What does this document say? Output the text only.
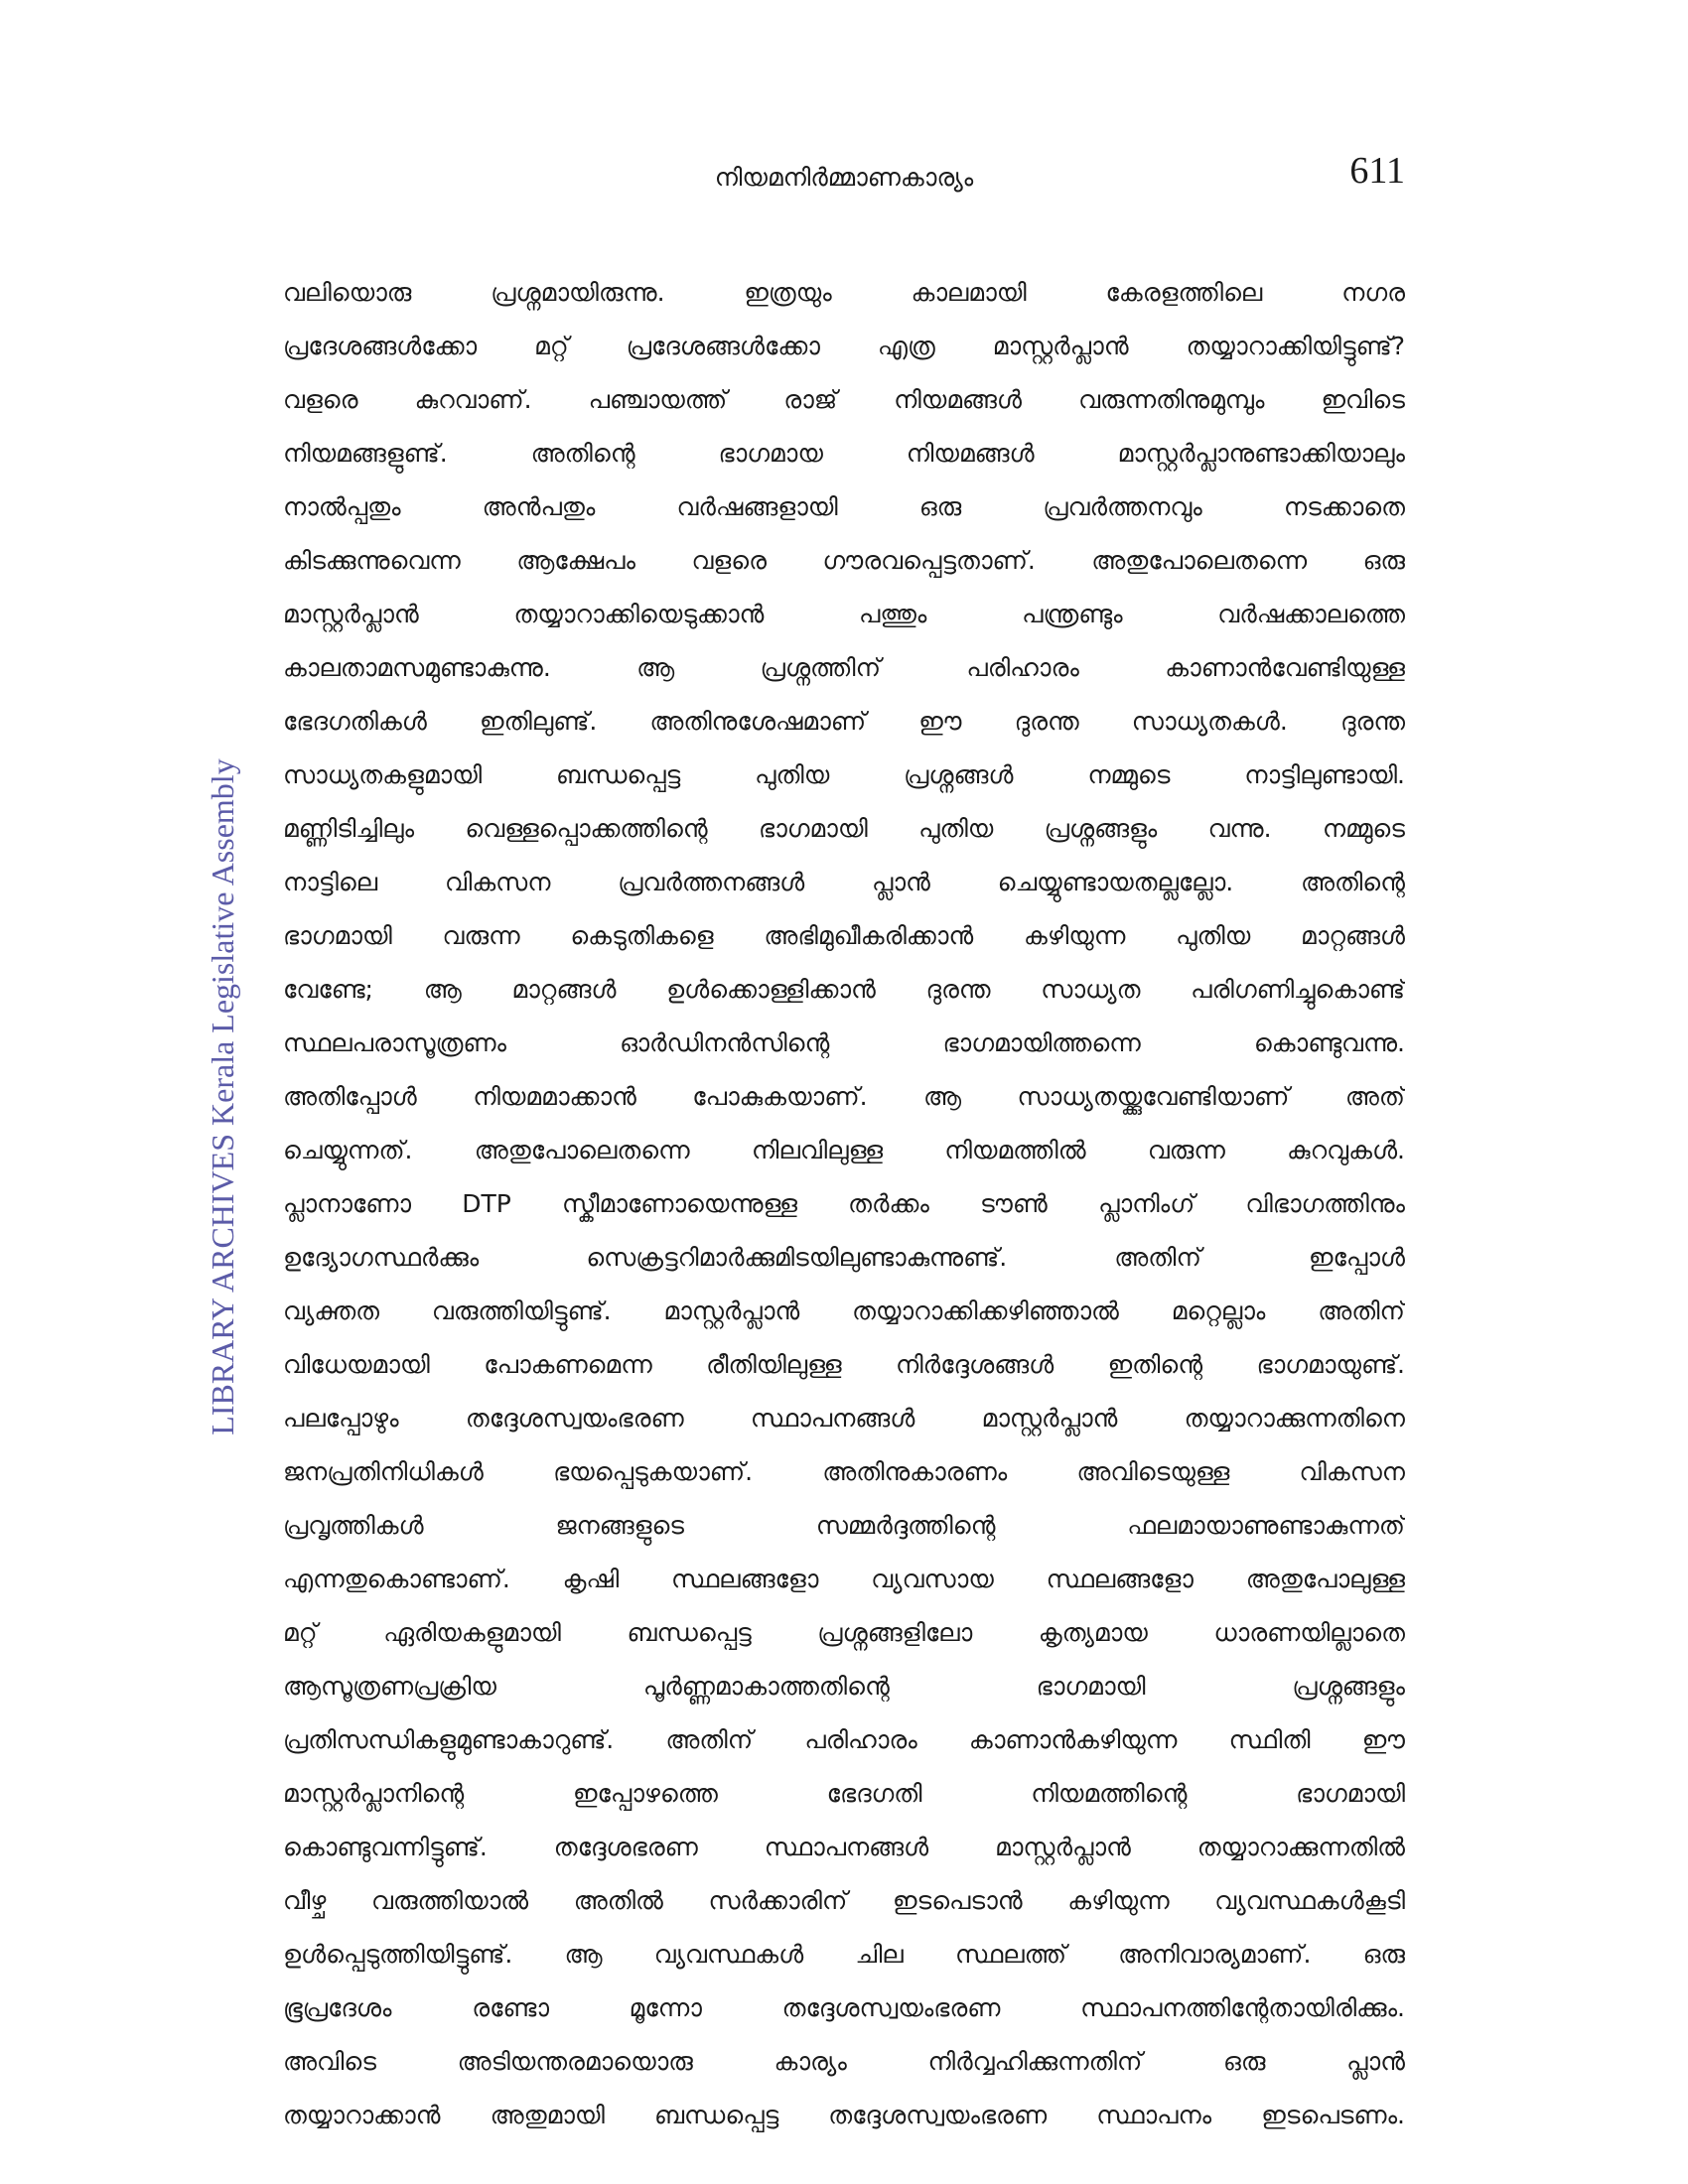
നിയമനിർമ്മാണകാര്യം	611
LIBRARY ARCHIVES Kerala Legislative Assembly
വലിയൊരു പ്രശ്നമായിരുന്നു. ഇത്രയും കാലമായി കേരളത്തിലെ നഗര
പ്രദേശങ്ങൾക്കോ മറ്റ് പ്രദേശങ്ങൾക്കോ എത്ര മാസ്റ്റർപ്ലാൻ തയ്യാറാക്കിയിട്ടുണ്ട്?
വളരെ കുറവാണ്. പഞ്ചായത്ത് രാജ് നിയമങ്ങൾ വരുന്നതിനുമുമ്പും ഇവിടെ
നിയമങ്ങളുണ്ട്. അതിന്റെ ഭാഗമായ നിയമങ്ങൾ മാസ്റ്റർപ്ലാനുണ്ടാക്കിയാലും
നാൽപ്പതും അൻപതും വർഷങ്ങളായി ഒരു പ്രവർത്തനവും നടക്കാതെ
കിടക്കുന്നുവെന്ന ആക്ഷേപം വളരെ ഗൗരവപ്പെട്ടതാണ്. അതുപോലെതന്നെ ഒരു
മാസ്റ്റർപ്ലാൻ തയ്യാറാക്കിയെടുക്കാൻ പത്തും പന്ത്രണ്ടും വർഷക്കാലത്തെ
കാലതാമസമുണ്ടാകുന്നു. ആ പ്രശ്നത്തിന് പരിഹാരം കാണാൻവേണ്ടിയുള്ള
ഭേദഗതികൾ ഇതിലുണ്ട്. അതിനുശേഷമാണ് ഈ ദുരന്ത സാധ്യതകൾ. ദുരന്ത
സാധ്യതകളുമായി ബന്ധപ്പെട്ട പുതിയ പ്രശ്നങ്ങൾ നമ്മുടെ നാട്ടിലുണ്ടായി.
മണ്ണിടിച്ചിലും വെള്ളപ്പൊക്കത്തിന്റെ ഭാഗമായി പുതിയ പ്രശ്നങ്ങളും വന്നു. നമ്മുടെ
നാട്ടിലെ വികസന പ്രവർത്തനങ്ങൾ പ്ലാൻ ചെയ്യുണ്ടായതല്ലല്ലോ. അതിന്റെ
ഭാഗമായി വരുന്ന കെടുതികളെ അഭിമുഖീകരിക്കാൻ കഴിയുന്ന പുതിയ മാറ്റങ്ങൾ
വേണ്ടേ; ആ മാറ്റങ്ങൾ ഉൾക്കൊള്ളിക്കാൻ ദുരന്ത സാധ്യത പരിഗണിച്ചുകൊണ്ട്
സ്ഥലപരാസൂത്രണം ഓർഡിനൻസിന്റെ ഭാഗമായിത്തന്നെ കൊണ്ടുവന്നു.
അതിപ്പോൾ നിയമമാക്കാൻ പോകുകയാണ്. ആ സാധ്യതയ്ക്കുവേണ്ടിയാണ് അത്
ചെയ്യുന്നത്. അതുപോലെതന്നെ നിലവിലുള്ള നിയമത്തിൽ വരുന്ന കുറവുകൾ.
പ്ലാനാണോ DTP സ്കീമാണോയെന്നുള്ള തർക്കം ടൗൺ പ്ലാനിംഗ് വിഭാഗത്തിനും
ഉദ്യോഗസ്ഥർക്കും സെക്രട്ടറിമാർക്കുമിടയിലുണ്ടാകുന്നുണ്ട്. അതിന് ഇപ്പോൾ
വ്യക്തത വരുത്തിയിട്ടുണ്ട്. മാസ്റ്റർപ്ലാൻ തയ്യാറാക്കിക്കഴിഞ്ഞാൽ മറ്റെല്ലാം അതിന്
വിധേയമായി പോകണമെന്ന രീതിയിലുള്ള നിർദ്ദേശങ്ങൾ ഇതിന്റെ ഭാഗമായുണ്ട്.
പലപ്പോഴും തദ്ദേശസ്വയംഭരണ സ്ഥാപനങ്ങൾ മാസ്റ്റർപ്ലാൻ തയ്യാറാക്കുന്നതിനെ
ജനപ്രതിനിധികൾ ഭയപ്പെടുകയാണ്. അതിനുകാരണം അവിടെയുള്ള വികസന
പ്രവൃത്തികൾ ജനങ്ങളുടെ സമ്മർദ്ദത്തിന്റെ ഫലമായാണുണ്ടാകുന്നത്
എന്നതുകൊണ്ടാണ്. കൃഷി സ്ഥലങ്ങളോ വ്യവസായ സ്ഥലങ്ങളോ അതുപോലുള്ള
മറ്റ് ഏരിയകളുമായി ബന്ധപ്പെട്ട പ്രശ്നങ്ങളിലോ കൃത്യമായ ധാരണയില്ലാതെ
ആസൂത്രണപ്രക്രിയ പൂർണ്ണമാകാത്തതിന്റെ ഭാഗമായി പ്രശ്നങ്ങളും
പ്രതിസന്ധികളുമുണ്ടാകാറുണ്ട്. അതിന് പരിഹാരം കാണാൻകഴിയുന്ന സ്ഥിതി ഈ
മാസ്റ്റർപ്ലാനിന്റെ ഇപ്പോഴത്തെ ഭേദഗതി നിയമത്തിന്റെ ഭാഗമായി
കൊണ്ടുവന്നിട്ടുണ്ട്. തദ്ദേശഭരണ സ്ഥാപനങ്ങൾ മാസ്റ്റർപ്ലാൻ തയ്യാറാക്കുന്നതിൽ
വീഴ്ച വരുത്തിയാൽ അതിൽ സർക്കാരിന് ഇടപെടാൻ കഴിയുന്ന വ്യവസ്ഥകൾകൂടി
ഉൾപ്പെടുത്തിയിട്ടുണ്ട്. ആ വ്യവസ്ഥകൾ ചില സ്ഥലത്ത് അനിവാര്യമാണ്. ഒരു
ഭൂപ്രദേശം രണ്ടോ മൂന്നോ തദ്ദേശസ്വയംഭരണ സ്ഥാപനത്തിന്റേതായിരിക്കും.
അവിടെ അടിയന്തരമായൊരു കാര്യം നിർവ്വഹിക്കുന്നതിന് ഒരു പ്ലാൻ
തയ്യാറാക്കാൻ അതുമായി ബന്ധപ്പെട്ട തദ്ദേശസ്വയംഭരണ സ്ഥാപനം ഇടപെടണം.
